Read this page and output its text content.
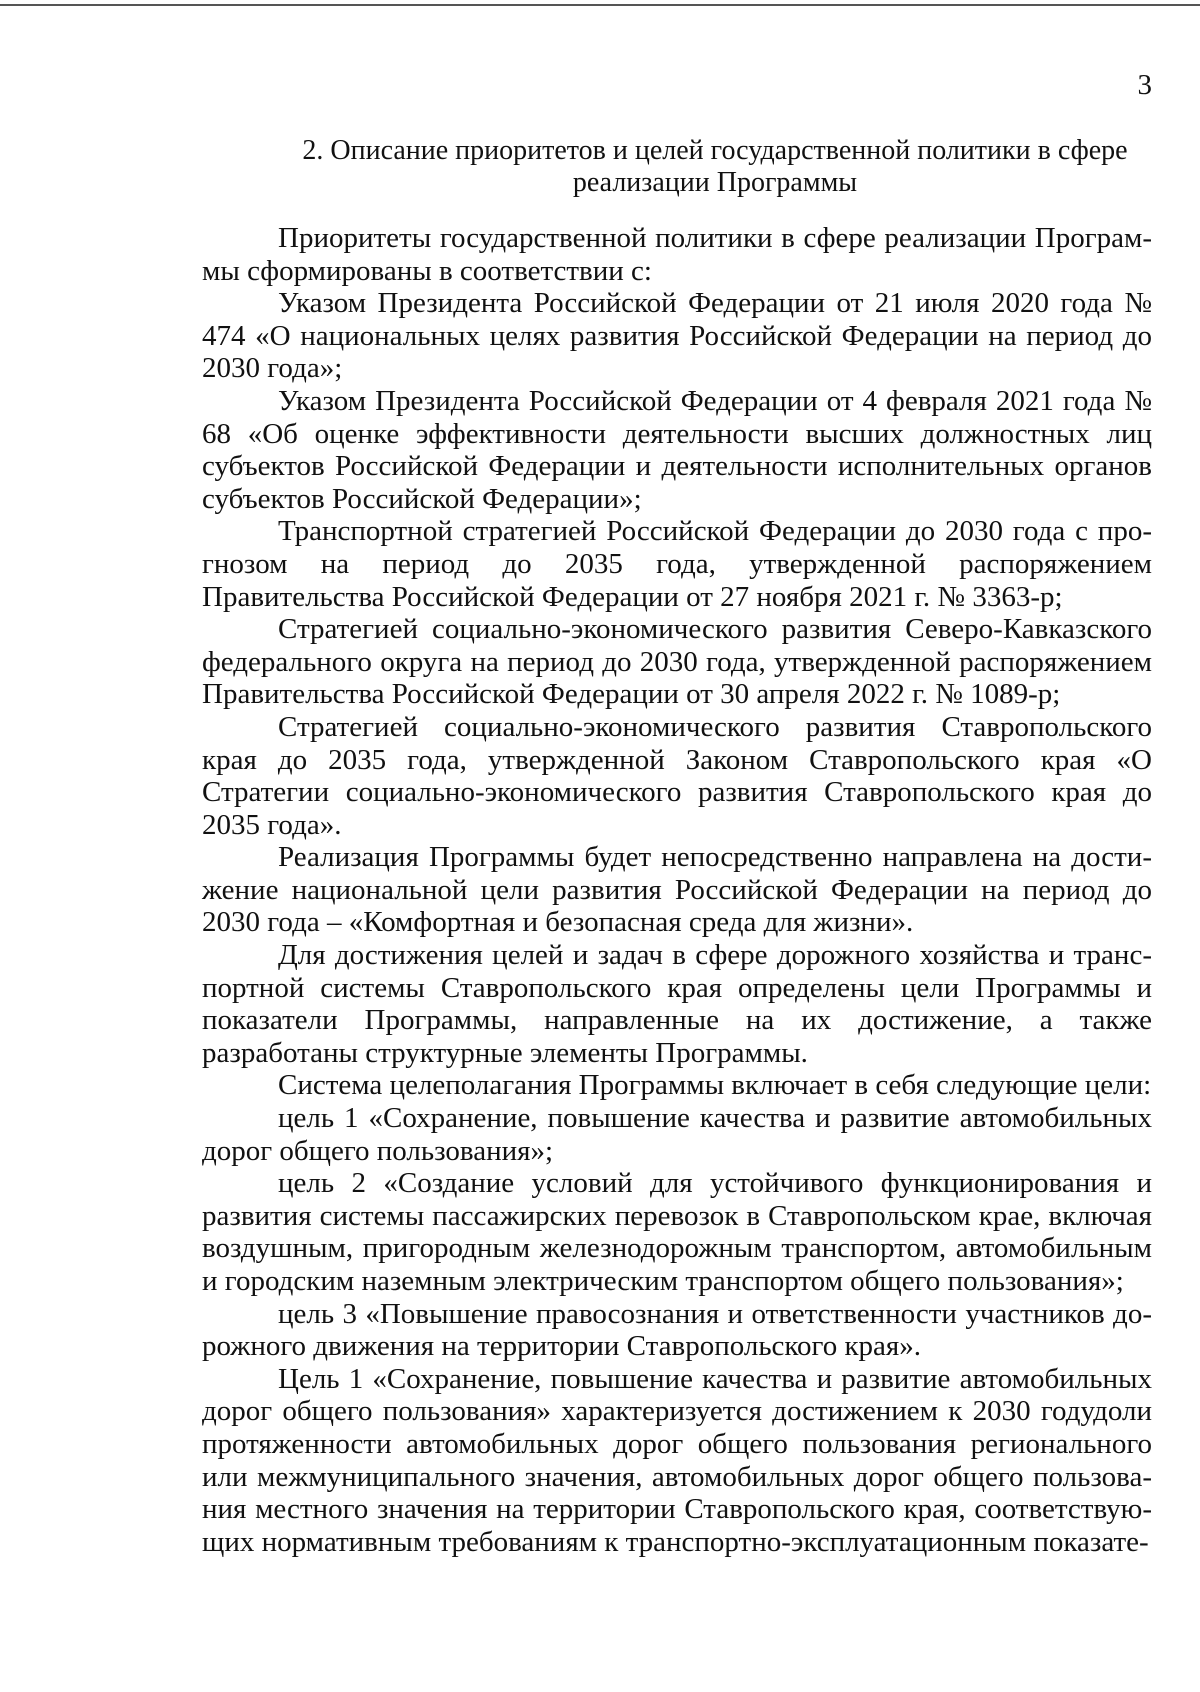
3
2. Описание приоритетов и целей государственной политики в сфере
реализации Программы

Приоритеты государственной политики в сфере реализации Программы сформированы в соответствии с:

Указом Президента Российской Федерации от 21 июля 2020 года № 474 «О национальных целях развития Российской Федерации на период до 2030 года»;

Указом Президента Российской Федерации от 4 февраля 2021 года № 68 «Об оценке эффективности деятельности высших должностных лиц субъектов Российской Федерации и деятельности исполнительных органов субъектов Российской Федерации»;

Транспортной стратегией Российской Федерации до 2030 года с прогнозом на период до 2035 года, утвержденной распоряжением Правительства Российской Федерации от 27 ноября 2021 г. № 3363-р;

Стратегией социально-экономического развития Северо-Кавказского федерального округа на период до 2030 года, утвержденной распоряжением Правительства Российской Федерации от 30 апреля 2022 г. № 1089-р;

Стратегией социально-экономического развития Ставропольского края до 2035 года, утвержденной Законом Ставропольского края «О Стратегии социально-экономического развития Ставропольского края до 2035 года».

Реализация Программы будет непосредственно направлена на достижение национальной цели развития Российской Федерации на период до 2030 года – «Комфортная и безопасная среда для жизни».

Для достижения целей и задач в сфере дорожного хозяйства и транспортной системы Ставропольского края определены цели Программы и показатели Программы, направленные на их достижение, а также разработаны структурные элементы Программы.

Система целеполагания Программы включает в себя следующие цели:

цель 1 «Сохранение, повышение качества и развитие автомобильных дорог общего пользования»;

цель 2 «Создание условий для устойчивого функционирования и развития системы пассажирских перевозок в Ставропольском крае, включая воздушным, пригородным железнодорожным транспортом, автомобильным и городским наземным электрическим транспортом общего пользования»;

цель 3 «Повышение правосознания и ответственности участников дорожного движения на территории Ставропольского края».

Цель 1 «Сохранение, повышение качества и развитие автомобильных дорог общего пользования» характеризуется достижением к 2030 годудоли протяженности автомобильных дорог общего пользования регионального или межмуниципального значения, автомобильных дорог общего пользования местного значения на территории Ставропольского края, соответствующих нормативным требованиям к транспортно-эксплуатационным показате-
